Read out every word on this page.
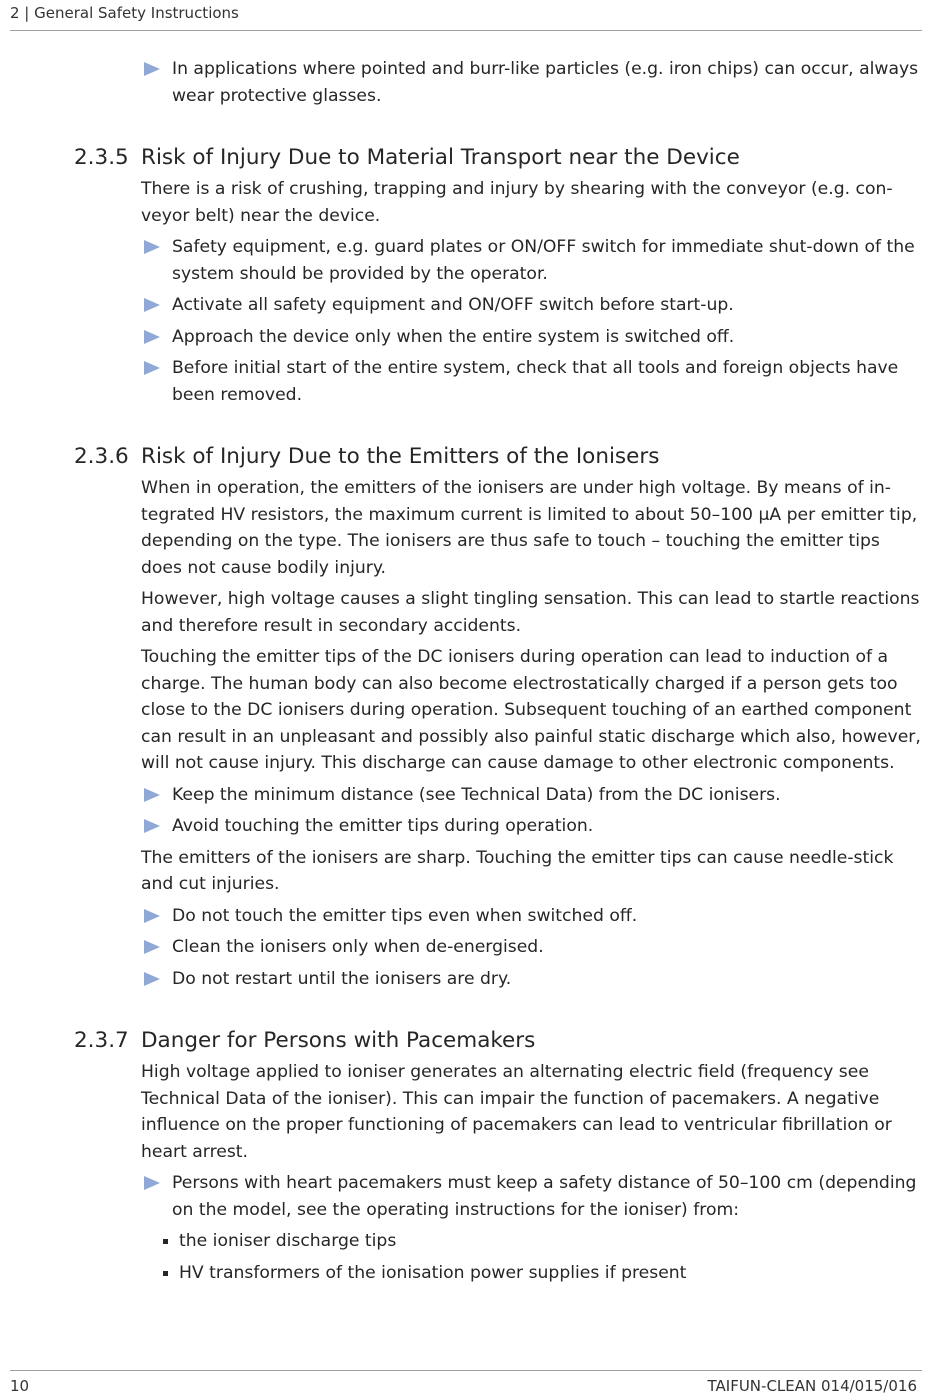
2 | General Safety Instructions
In applications where pointed and burr-like particles (e.g. iron chips) can occur, always wear protective glasses.
2.3.5 Risk of Injury Due to Material Transport near the Device

There is a risk of crushing, trapping and injury by shearing with the conveyor (e.g. conveyor belt) near the device.

Safety equipment, e.g. guard plates or ON/OFF switch for immediate shut-down of the system should be provided by the operator.
Activate all safety equipment and ON/OFF switch before start-up.
Approach the device only when the entire system is switched off.
Before initial start of the entire system, check that all tools and foreign objects have been removed.
2.3.6 Risk of Injury Due to the Emitters of the Ionisers

When in operation, the emitters of the ionisers are under high voltage. By means of integrated HV resistors, the maximum current is limited to about 50–100 µA per emitter tip, depending on the type. The ionisers are thus safe to touch – touching the emitter tips does not cause bodily injury.

However, high voltage causes a slight tingling sensation. This can lead to startle reactions and therefore result in secondary accidents.

Touching the emitter tips of the DC ionisers during operation can lead to induction of a charge. The human body can also become electrostatically charged if a person gets too close to the DC ionisers during operation. Subsequent touching of an earthed component can result in an unpleasant and possibly also painful static discharge which also, however, will not cause injury. This discharge can cause damage to other electronic components.

Keep the minimum distance (see Technical Data) from the DC ionisers.
Avoid touching the emitter tips during operation.

The emitters of the ionisers are sharp. Touching the emitter tips can cause needle-stick and cut injuries.

Do not touch the emitter tips even when switched off.
Clean the ionisers only when de-energised.
Do not restart until the ionisers are dry.
2.3.7 Danger for Persons with Pacemakers

High voltage applied to ioniser generates an alternating electric field (frequency see Technical Data of the ioniser). This can impair the function of pacemakers. A negative influence on the proper functioning of pacemakers can lead to ventricular fibrillation or heart arrest.

Persons with heart pacemakers must keep a safety distance of 50–100 cm (depending on the model, see the operating instructions for the ioniser) from:
the ioniser discharge tips
HV transformers of the ionisation power supplies if present
10	TAIFUN-CLEAN 014/015/016
